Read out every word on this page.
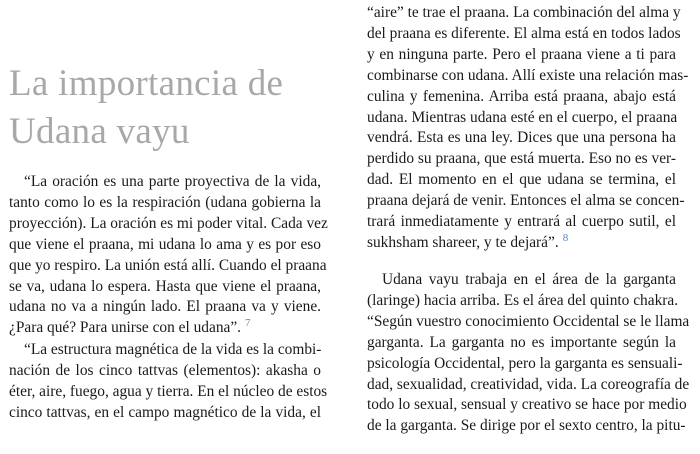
La importancia de
Udana vayu

“La oración es una parte proyectiva de la vida,
tanto como lo es la respiración (udana gobierna la
proyección). La oración es mi poder vital. Cada vez
que viene el praana, mi udana lo ama y es por eso
que yo respiro. La unión está allí. Cuando el praana
se va, udana lo espera. Hasta que viene el praana,
udana no va a ningún lado. El praana va y viene.
¿Para qué? Para unirse con el udana”. $^7$

“La estructura magnética de la vida es la combi-
nación de los cinco tattvas (elementos): akasha o
éter, aire, fuego, agua y tierra. En el núcleo de estos
cinco tattvas, en el campo magnético de la vida, el

“aire” te trae el praana. La combinación del alma y
del praana es diferente. El alma está en todos lados
y en ninguna parte. Pero el praana viene a ti para
combinarse con udana. Allí existe una relación mas-
culina y femenina. Arriba está praana, abajo está
udana. Mientras udana esté en el cuerpo, el praana
vendrá. Esta es una ley. Dices que una persona ha
perdido su praana, que está muerta. Eso no es ver-
dad. El momento en el que udana se termina, el
praana dejará de venir. Entonces el alma se concen-
trará inmediatamente y entrará al cuerpo sutil, el
sukhsham shareer, y te dejará”. $^8$

Udana vayu trabaja en el área de la garganta
(laringe) hacia arriba. Es el área del quinto chakra.
“Según vuestro conocimiento Occidental se le llama
garganta. La garganta no es importante según la
psicología Occidental, pero la garganta es sensuali-
dad, sexualidad, creatividad, vida. La coreografía de
todo lo sexual, sensual y creativo se hace por medio
de la garganta. Se dirige por el sexto centro, la pitu-
